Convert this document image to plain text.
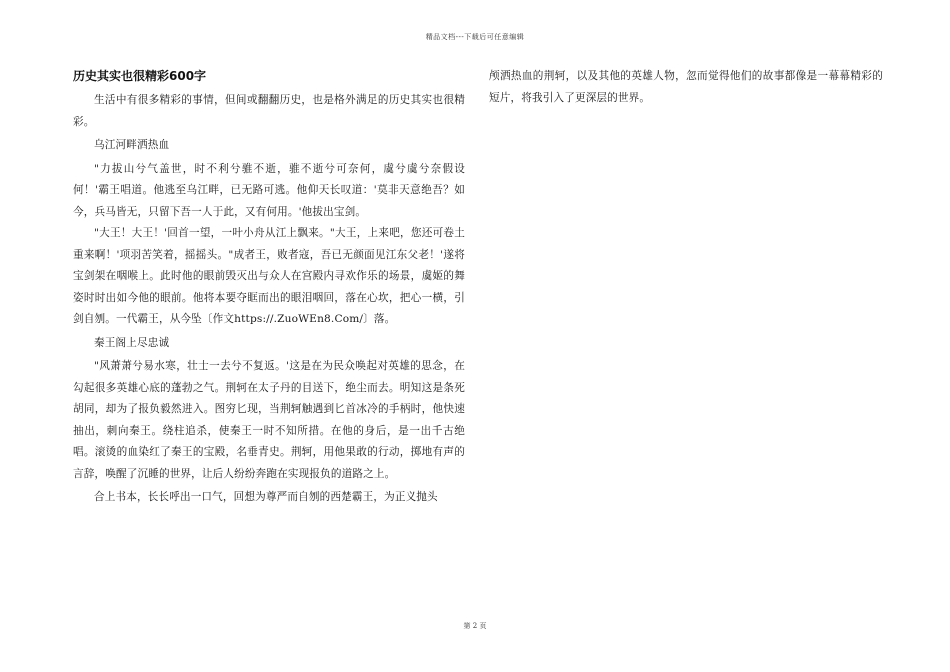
精品文档---下载后可任意编辑
历史其实也很精彩600字

生活中有很多精彩的事情，但间或翻翻历史，也是格外满足的历史其实也很精彩。

乌江河畔洒热血

"力拔山兮气盖世，时不利兮骓不逝，骓不逝兮可奈何，虞兮虞兮奈假设何！'霸王唱道。他逃至乌江畔，已无路可逃。他仰天长叹道：'莫非天意绝吾？如今，兵马皆无，只留下吾一人于此，又有何用。'他拔出宝剑。

"大王！大王！'回首一望，一叶小舟从江上飘来。"大王，上来吧，您还可卷土重来啊！'项羽苦笑着，摇摇头。"成者王，败者寇，吾已无颜面见江东父老！'遂将宝剑架在咽喉上。此时他的眼前毁灭出与众人在宫殿内寻欢作乐的场景，虞姬的舞姿时时出如今他的眼前。他将本要夺眶而出的眼泪咽回，落在心坎，把心一横，引剑自刎。一代霸王，从今坠〔作文https://.ZuoWEn8.Com/〕落。

秦王阁上尽忠诚

"风萧萧兮易水寒，壮士一去兮不复返。'这是在为民众唤起对英雄的思念，在勾起很多英雄心底的蓬勃之气。荆轲在太子丹的目送下，绝尘而去。明知这是条死胡同，却为了报负毅然进入。图穷匕现，当荆轲触遇到匕首冰冷的手柄时，他快速抽出，刺向秦王。绕柱追杀，使秦王一时不知所措。在他的身后，是一出千古绝唱。滚烫的血染红了秦王的宝殿，名垂青史。荆轲，用他果敢的行动，掷地有声的言辞，唤醒了沉睡的世界，让后人纷纷奔跑在实现报负的道路之上。

合上书本，长长呼出一口气，回想为尊严而自刎的西楚霸王，为正义抛头

颅洒热血的荆轲，以及其他的英雄人物，忽而觉得他们的故事都像是一幕幕精彩的短片，将我引入了更深层的世界。

第 2 页
